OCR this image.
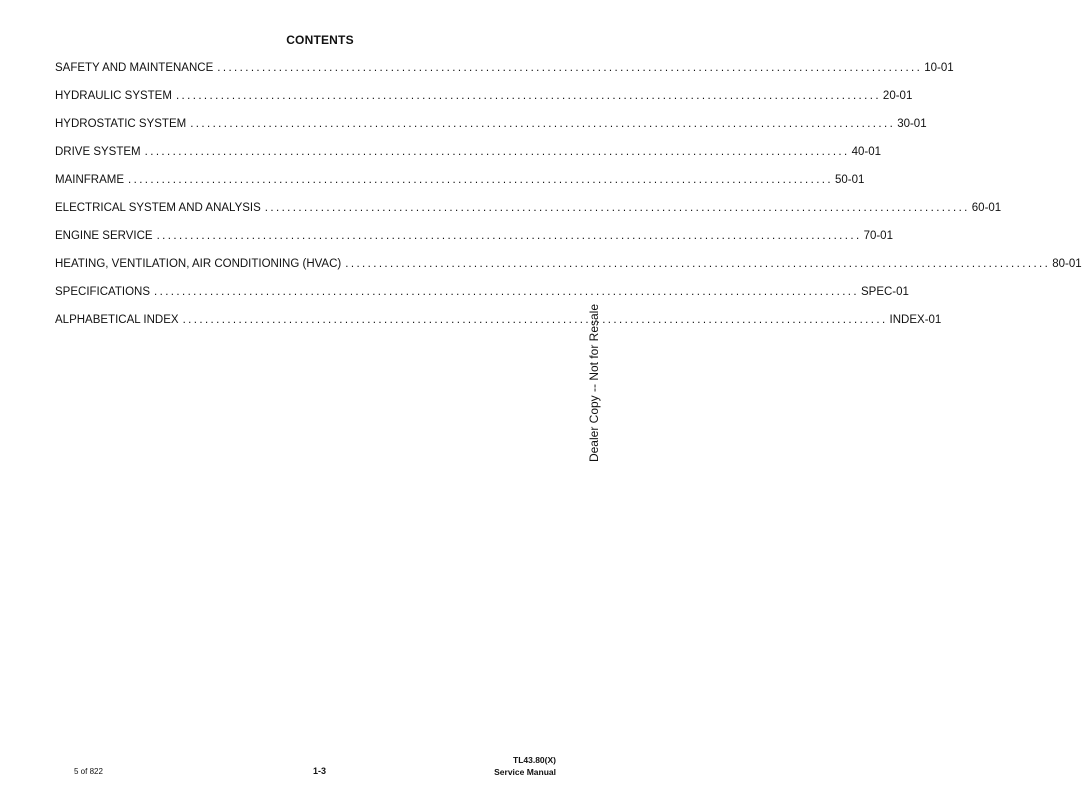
CONTENTS
SAFETY AND MAINTENANCE .............................................................................................................................. 10-01
HYDRAULIC SYSTEM .............................................................................................................................. 20-01
HYDROSTATIC SYSTEM .............................................................................................................................. 30-01
DRIVE SYSTEM .............................................................................................................................. 40-01
MAINFRAME .............................................................................................................................. 50-01
ELECTRICAL SYSTEM AND ANALYSIS .............................................................................................................................. 60-01
ENGINE SERVICE .............................................................................................................................. 70-01
HEATING, VENTILATION, AIR CONDITIONING (HVAC) .............................................................................................................................. 80-01
SPECIFICATIONS .............................................................................................................................. SPEC-01
ALPHABETICAL INDEX .............................................................................................................................. INDEX-01
Dealer Copy -- Not for Resale
5 of 822	1-3
TL43.80(X)
Service Manual
